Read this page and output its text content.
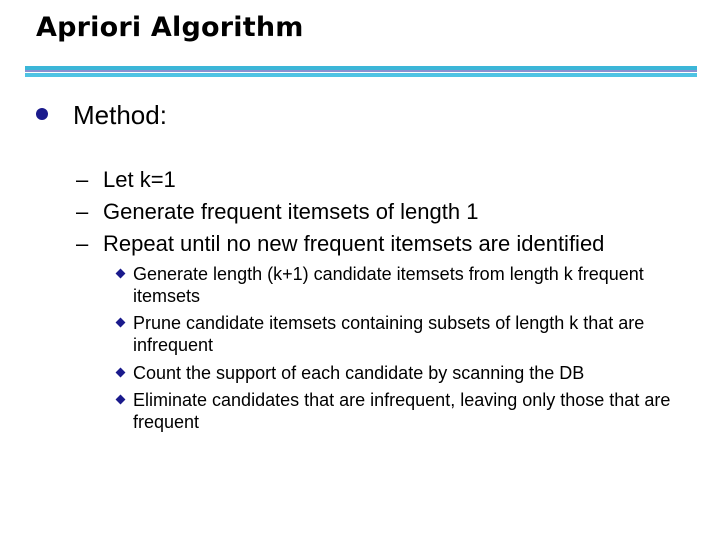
Apriori Algorithm
Method:
– Let k=1
– Generate frequent itemsets of length 1
– Repeat until no new frequent itemsets are identified
Generate length (k+1) candidate itemsets from length k frequent itemsets
Prune candidate itemsets containing subsets of length k that are infrequent
Count the support of each candidate by scanning the DB
Eliminate candidates that are infrequent, leaving only those that are frequent
